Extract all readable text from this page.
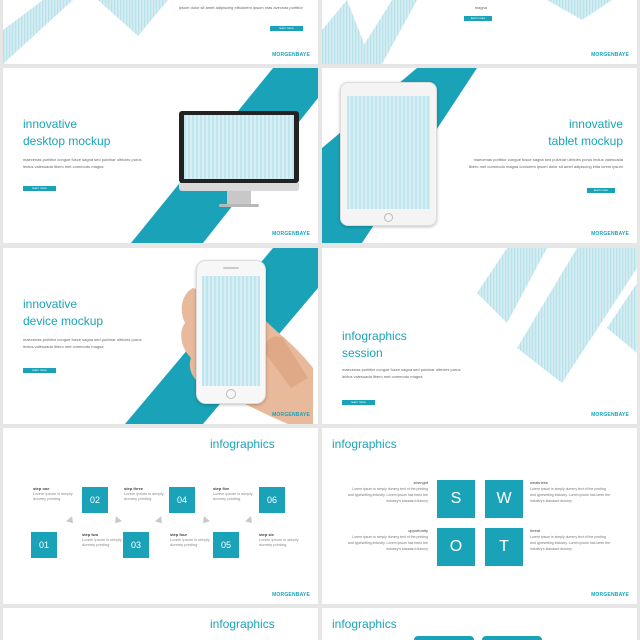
ipsum dolor sit amet adipiscing elitulorem ipsum mas avecnas porttitor
learn more
MORGENBAYE
magna
learn more
MORGENBAYE
innovative
desktop mockup
maecenas porttitor congue fusce sagna sed pulvinar ultricies purus lectus valesuada libero met commodo magna
learn more
MORGENBAYE
innovative
tablet mockup
maecenas porttitor congue fusce sagna sed pulvinar ultricies purus lectus valesuada libero met commodo magna conlorem ipsum dolor sit amet adipiscing elita lorem ipsum
learn more
MORGENBAYE
innovative
device mockup
maecenas porttitor congue fusce sagna sed pulvinar ultricies purus lectus valesuada libero met commodo magna
learn more
MORGENBAYE
infographics
session
maecenas porttitor congue fusce sagna sed pulvinar ultricies purus lectus valesuada libero met commodo magna
learn more
MORGENBAYE
infographics
01
02
03
04
05
06
step one
Lorem ipsum is simply dummy printing
step two
Lorem ipsum is simply dummy printing
step three
Lorem ipsum is simply dummy printing
step four
Lorem ipsum is simply dummy printing
step five
Lorem ipsum is simply dummy printing
step six
Lorem ipsum is simply dummy printing
MORGENBAYE
infographics
S	W
O	T
strenght
Lorem ipsum is simply dummy text of the printing and typesetting industry. Lorem ipsum has been the industry's standard dummy
weakness
Lorem ipsum is simply dummy text of the printing and typesetting industry. Lorem ipsum has been the industry's standard dummy
opportunity
Lorem ipsum is simply dummy text of the printing and typesetting industry. Lorem ipsum has been the industry's standard dummy
threat
Lorem ipsum is simply dummy text of the printing and typesetting industry. Lorem ipsum has been the industry's standard dummy
MORGENBAYE
infographics	infographics
